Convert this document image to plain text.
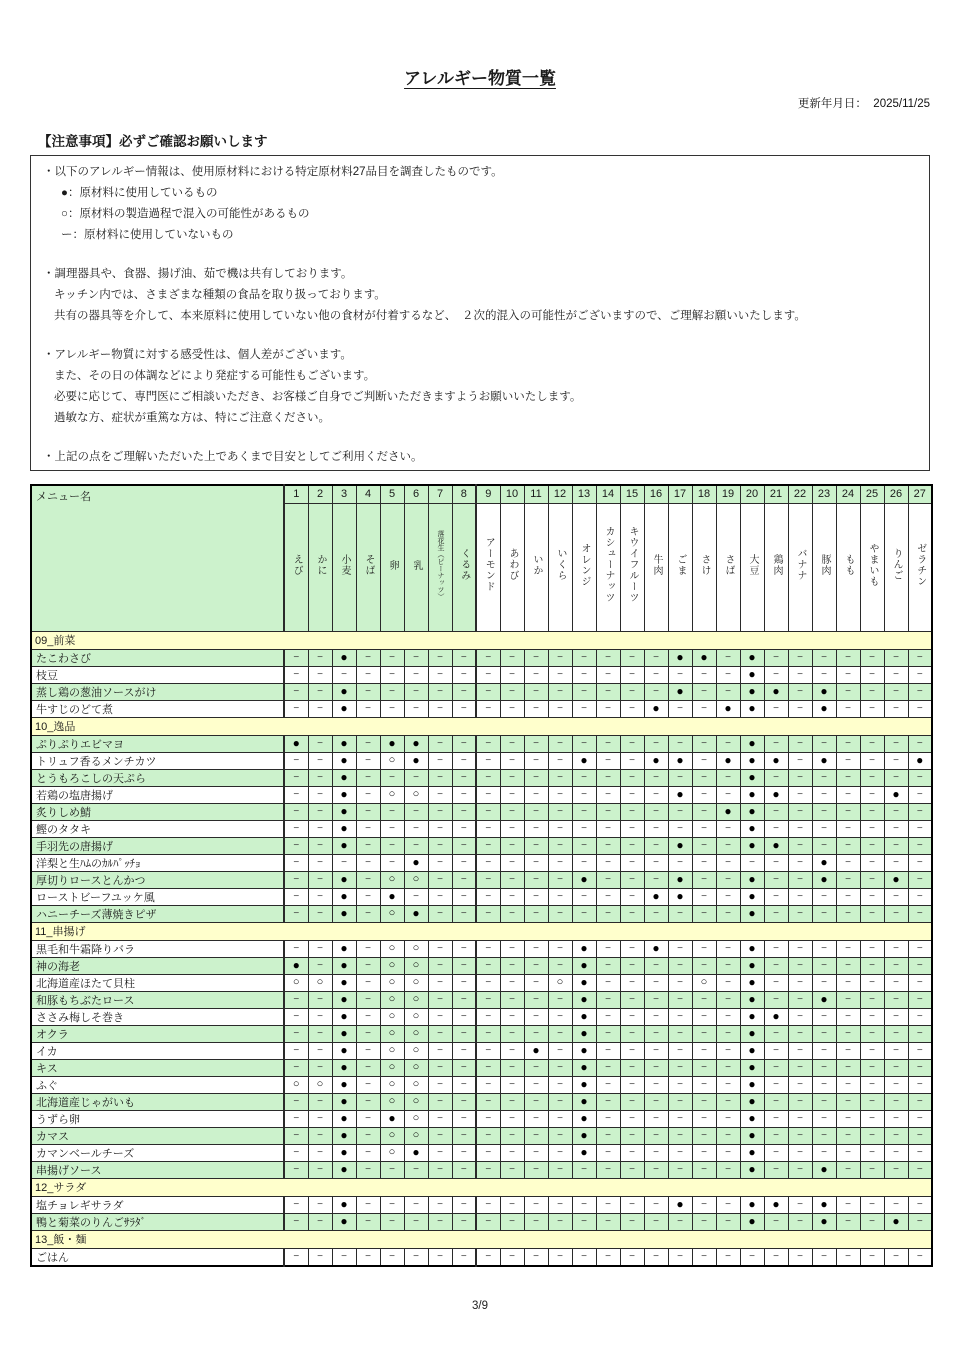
アレルギー物質一覧
更新年月日： 2025/11/25
【注意事項】必ずご確認お願いします
・以下のアレルギー情報は、使用原材料における特定原材料27品目を調査したものです。
●：原材料に使用しているもの
○：原材料の製造過程で混入の可能性があるもの
ー：原材料に使用していないもの
・調理器具や、食器、揚げ油、茹で機は共有しております。
キッチン内では、さまざまな種類の食品を取り扱っております。
共有の器具等を介して、本来原料に使用していない他の食材が付着するなど、　２次的混入の可能性がございますので、ご理解お願いいたします。
・アレルギー物質に対する感受性は、個人差がございます。
また、その日の体調などにより発症する可能性もございます。
必要に応じて、専門医にご相談いただき、お客様ご自身でご判断いただきますようお願いいたします。
過敏な方、症状が重篤な方は、特にご注意ください。
・上記の点をご理解いただいた上であくまで目安としてご利用ください。
メニュー名	1	2	3	4	5	6	7	8	9	10	11	12	13	14	15	16	17	18	19	20	21	22	23	24	25	26	27
	えび	かに	小麦	そば	卵	乳	落花生（ピーナッツ）	くるみ	アーモンド	あわび	いか	いくら	オレンジ	カシューナッツ	キウイフルーツ	牛肉	ごま	さけ	さば	大豆	鶏肉	バナナ	豚肉	もも	やまいも	りんご	ゼラチン
09_前菜																											
たこわさび	−	−	●	−	−	−	−	−	−	−	−	−	−	−	−	−	●	●	−	●	−	−	−	−	−	−	−
枝豆	−	−	−	−	−	−	−	−	−	−	−	−	−	−	−	−	−	−	−	●	−	−	−	−	−	−	−
蒸し鶏の葱油ソースがけ	−	−	●	−	−	−	−	−	−	−	−	−	−	−	−	−	●	−	−	●	●	−	●	−	−	−	−
牛すじのどて煮	−	−	●	−	−	−	−	−	−	−	−	−	−	−	−	●	−	−	●	●	−	−	●	−	−	−	−
10_逸品																											
ぷりぷりエビマヨ	●	−	●	−	●	●	−	−	−	−	−	−	−	−	−	−	−	−	−	●	−	−	−	−	−	−	−
トリュフ香るメンチカツ	−	−	●	−	○	●	−	−	−	−	−	−	●	−	−	●	●	−	●	●	●	−	●	−	−	−	●
とうもろこしの天ぷら	−	−	●	−	−	−	−	−	−	−	−	−	−	−	−	−	−	−	−	●	−	−	−	−	−	−	−
若鶏の塩唐揚げ	−	−	●	−	○	○	−	−	−	−	−	−	−	−	−	−	●	−	−	●	●	−	−	−	−	●	−
炙りしめ鯖	−	−	●	−	−	−	−	−	−	−	−	−	−	−	−	−	−	−	●	●	−	−	−	−	−	−	−
鰹のタタキ	−	−	●	−	−	−	−	−	−	−	−	−	−	−	−	−	−	−	−	●	−	−	−	−	−	−	−
手羽先の唐揚げ	−	−	●	−	−	−	−	−	−	−	−	−	−	−	−	−	●	−	−	●	●	−	−	−	−	−	−
洋梨と生ﾊﾑのｶﾙﾊﾟｯﾁｮ	−	−	−	−	−	●	−	−	−	−	−	−	−	−	−	−	−	−	−	−	−	−	●	−	−	−	−
厚切りロースとんかつ	−	−	●	−	○	○	−	−	−	−	−	−	●	−	−	−	●	−	−	●	−	−	●	−	−	●	−
ローストビーフユッケ風	−	−	●	−	●	−	−	−	−	−	−	−	−	−	−	●	●	−	−	●	−	−	−	−	−	−	−
ハニーチーズ薄焼きピザ	−	−	●	−	○	●	−	−	−	−	−	−	−	−	−	−	−	−	−	●	−	−	−	−	−	−	−
11_串揚げ																											
黒毛和牛霜降りバラ	−	−	●	−	○	○	−	−	−	−	−	−	●	−	−	●	−	−	−	●	−	−	−	−	−	−	−
神の海老	●	−	●	−	○	○	−	−	−	−	−	−	●	−	−	−	−	−	−	●	−	−	−	−	−	−	−
北海道産ほたて貝柱	○	○	●	−	○	○	−	−	−	−	−	○	●	−	−	−	−	○	−	●	−	−	−	−	−	−	−
和豚もちぶたロース	−	−	●	−	○	○	−	−	−	−	−	−	●	−	−	−	−	−	−	●	−	−	●	−	−	−	−
ささみ梅しそ巻き	−	−	●	−	○	○	−	−	−	−	−	−	●	−	−	−	−	−	−	●	●	−	−	−	−	−	−
オクラ	−	−	●	−	○	○	−	−	−	−	−	−	●	−	−	−	−	−	−	●	−	−	−	−	−	−	−
イカ	−	−	●	−	○	○	−	−	−	−	●	−	●	−	−	−	−	−	−	●	−	−	−	−	−	−	−
キス	−	−	●	−	○	○	−	−	−	−	−	−	●	−	−	−	−	−	−	●	−	−	−	−	−	−	−
ふぐ	○	○	●	−	○	○	−	−	−	−	−	−	●	−	−	−	−	−	−	●	−	−	−	−	−	−	−
北海道産じゃがいも	−	−	●	−	○	○	−	−	−	−	−	−	●	−	−	−	−	−	−	●	−	−	−	−	−	−	−
うずら卵	−	−	●	−	●	○	−	−	−	−	−	−	●	−	−	−	−	−	−	●	−	−	−	−	−	−	−
カマス	−	−	●	−	○	○	−	−	−	−	−	−	●	−	−	−	−	−	−	●	−	−	−	−	−	−	−
カマンベールチーズ	−	−	●	−	○	●	−	−	−	−	−	−	●	−	−	−	−	−	−	●	−	−	−	−	−	−	−
串揚げソース	−	−	●	−	−	−	−	−	−	−	−	−	−	−	−	−	−	−	−	●	−	−	●	−	−	−	−
12_サラダ																											
塩チョレギサラダ	−	−	●	−	−	−	−	−	−	−	−	−	−	−	−	−	●	−	−	●	●	−	●	−	−	−	−
鴨と菊菜のりんごｻﾗﾀﾞ	−	−	●	−	−	−	−	−	−	−	−	−	−	−	−	−	−	−	−	●	−	−	●	−	−	●	−
13_飯・麺																											
ごはん	−	−	−	−	−	−	−	−	−	−	−	−	−	−	−	−	−	−	−	−	−	−	−	−	−	−	−
3/9
